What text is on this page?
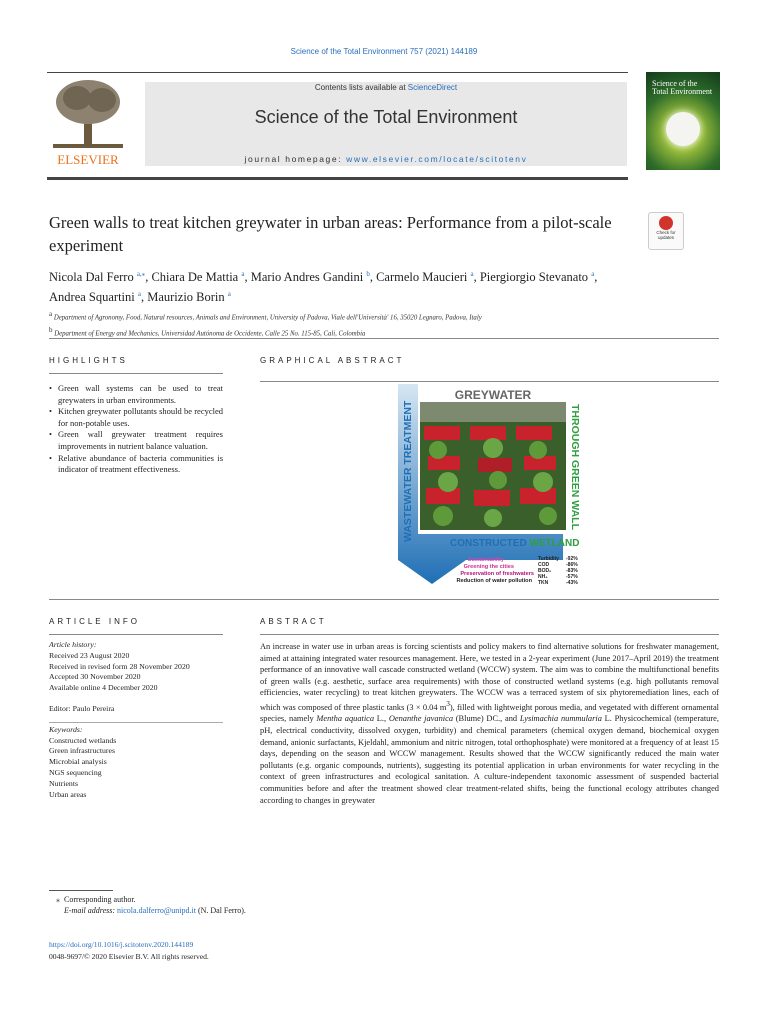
Science of the Total Environment 757 (2021) 144189
ELSEVIER
Contents lists available at ScienceDirect
Science of the Total Environment
journal homepage: www.elsevier.com/locate/scitotenv
Science of the
Total Environment
Green walls to treat kitchen greywater in urban areas: Performance from a pilot-scale experiment
Check for
updates
Nicola Dal Ferro $^{a,⁎}$, Chiara De Mattia $^a$, Mario Andres Gandini $^b$, Carmelo Maucieri $^a$, Piergiorgio Stevanato $^a$,
Andrea Squartini $^a$, Maurizio Borin $^a$
$^a$ Department of Agronomy, Food, Natural resources, Animals and Environment, University of Padova, Viale dell'Università' 16, 35020 Legnaro, Padova, Italy
$^b$ Department of Energy and Mechanics, Universidad Autónoma de Occidente, Calle 25 No. 115-85, Cali, Colombia
HIGHLIGHTS
• Green wall systems can be used to treat greywaters in urban environments.
• Kitchen greywater pollutants should be recycled for non-potable uses.
• Green wall greywater treatment requires improvements in nutrient balance valuation.
• Relative abundance of bacteria communities is indicator of treatment effectiveness.
GRAPHICAL ABSTRACT
GREYWATER
WASTEWATER TREATMENT	THROUGH GREEN WALL
CONSTRUCTED WETLAND
Sustainability
Greening the cities
Preservation of freshwaters
Reduction of water pollution
Turbidity -92%
COD	-86%
BOD₅	-83%
NH₄	-57%
TKN	-43%
ARTICLE INFO
Article history:
Received 23 August 2020
Received in revised form 28 November 2020
Accepted 30 November 2020
Available online 4 December 2020
Editor: Paulo Pereira
Keywords:
Constructed wetlands
Green infrastructures
Microbial analysis
NGS sequencing
Nutrients
Urban areas
ABSTRACT
An increase in water use in urban areas is forcing scientists and policy makers to find alternative solutions for freshwater management, aimed at attaining integrated water resources management. Here, we tested in a 2-year experiment (June 2017–April 2019) the treatment performance of an innovative wall cascade constructed wetland (WCCW) system. The aim was to combine the multifunctional benefits of green walls (e.g. aesthetic, surface area requirements) with those of constructed wetland systems (e.g. high pollutants removal efficiencies, water recycling) to treat kitchen greywaters. The WCCW was a terraced system of six phytoremediation lines, each of which was composed of three plastic tanks (3 × 0.04 $m^3$), filled with lightweight porous media, and vegetated with different ornamental species, namely Mentha aquatica L., Oenanthe javanica (Blume) DC., and Lysimachia nummularia L. Physicochemical (temperature, pH, electrical conductivity, dissolved oxygen, turbidity) and chemical parameters (chemical oxygen demand, biochemical oxygen demand, anionic surfactants, Kjeldahl, ammonium and nitric nitrogen, total orthophosphate) were monitored at a frequency of at least 15 days, depending on the season and WCCW management. Results showed that the WCCW significantly reduced the main water pollutants (e.g. organic compounds, nutrients), suggesting its potential application in urban environments for water recycling in the context of green infrastructures and ecological sanitation. A culture-independent taxonomic assessment of suspended bacterial communities before and after the treatment showed clear treatment-related shifts, being the functional ecology attributes changed according to changes in greywater
⁎ Corresponding author.
E-mail address: nicola.dalferro@unipd.it (N. Dal Ferro).
https://doi.org/10.1016/j.scitotenv.2020.144189
0048-9697/© 2020 Elsevier B.V. All rights reserved.
